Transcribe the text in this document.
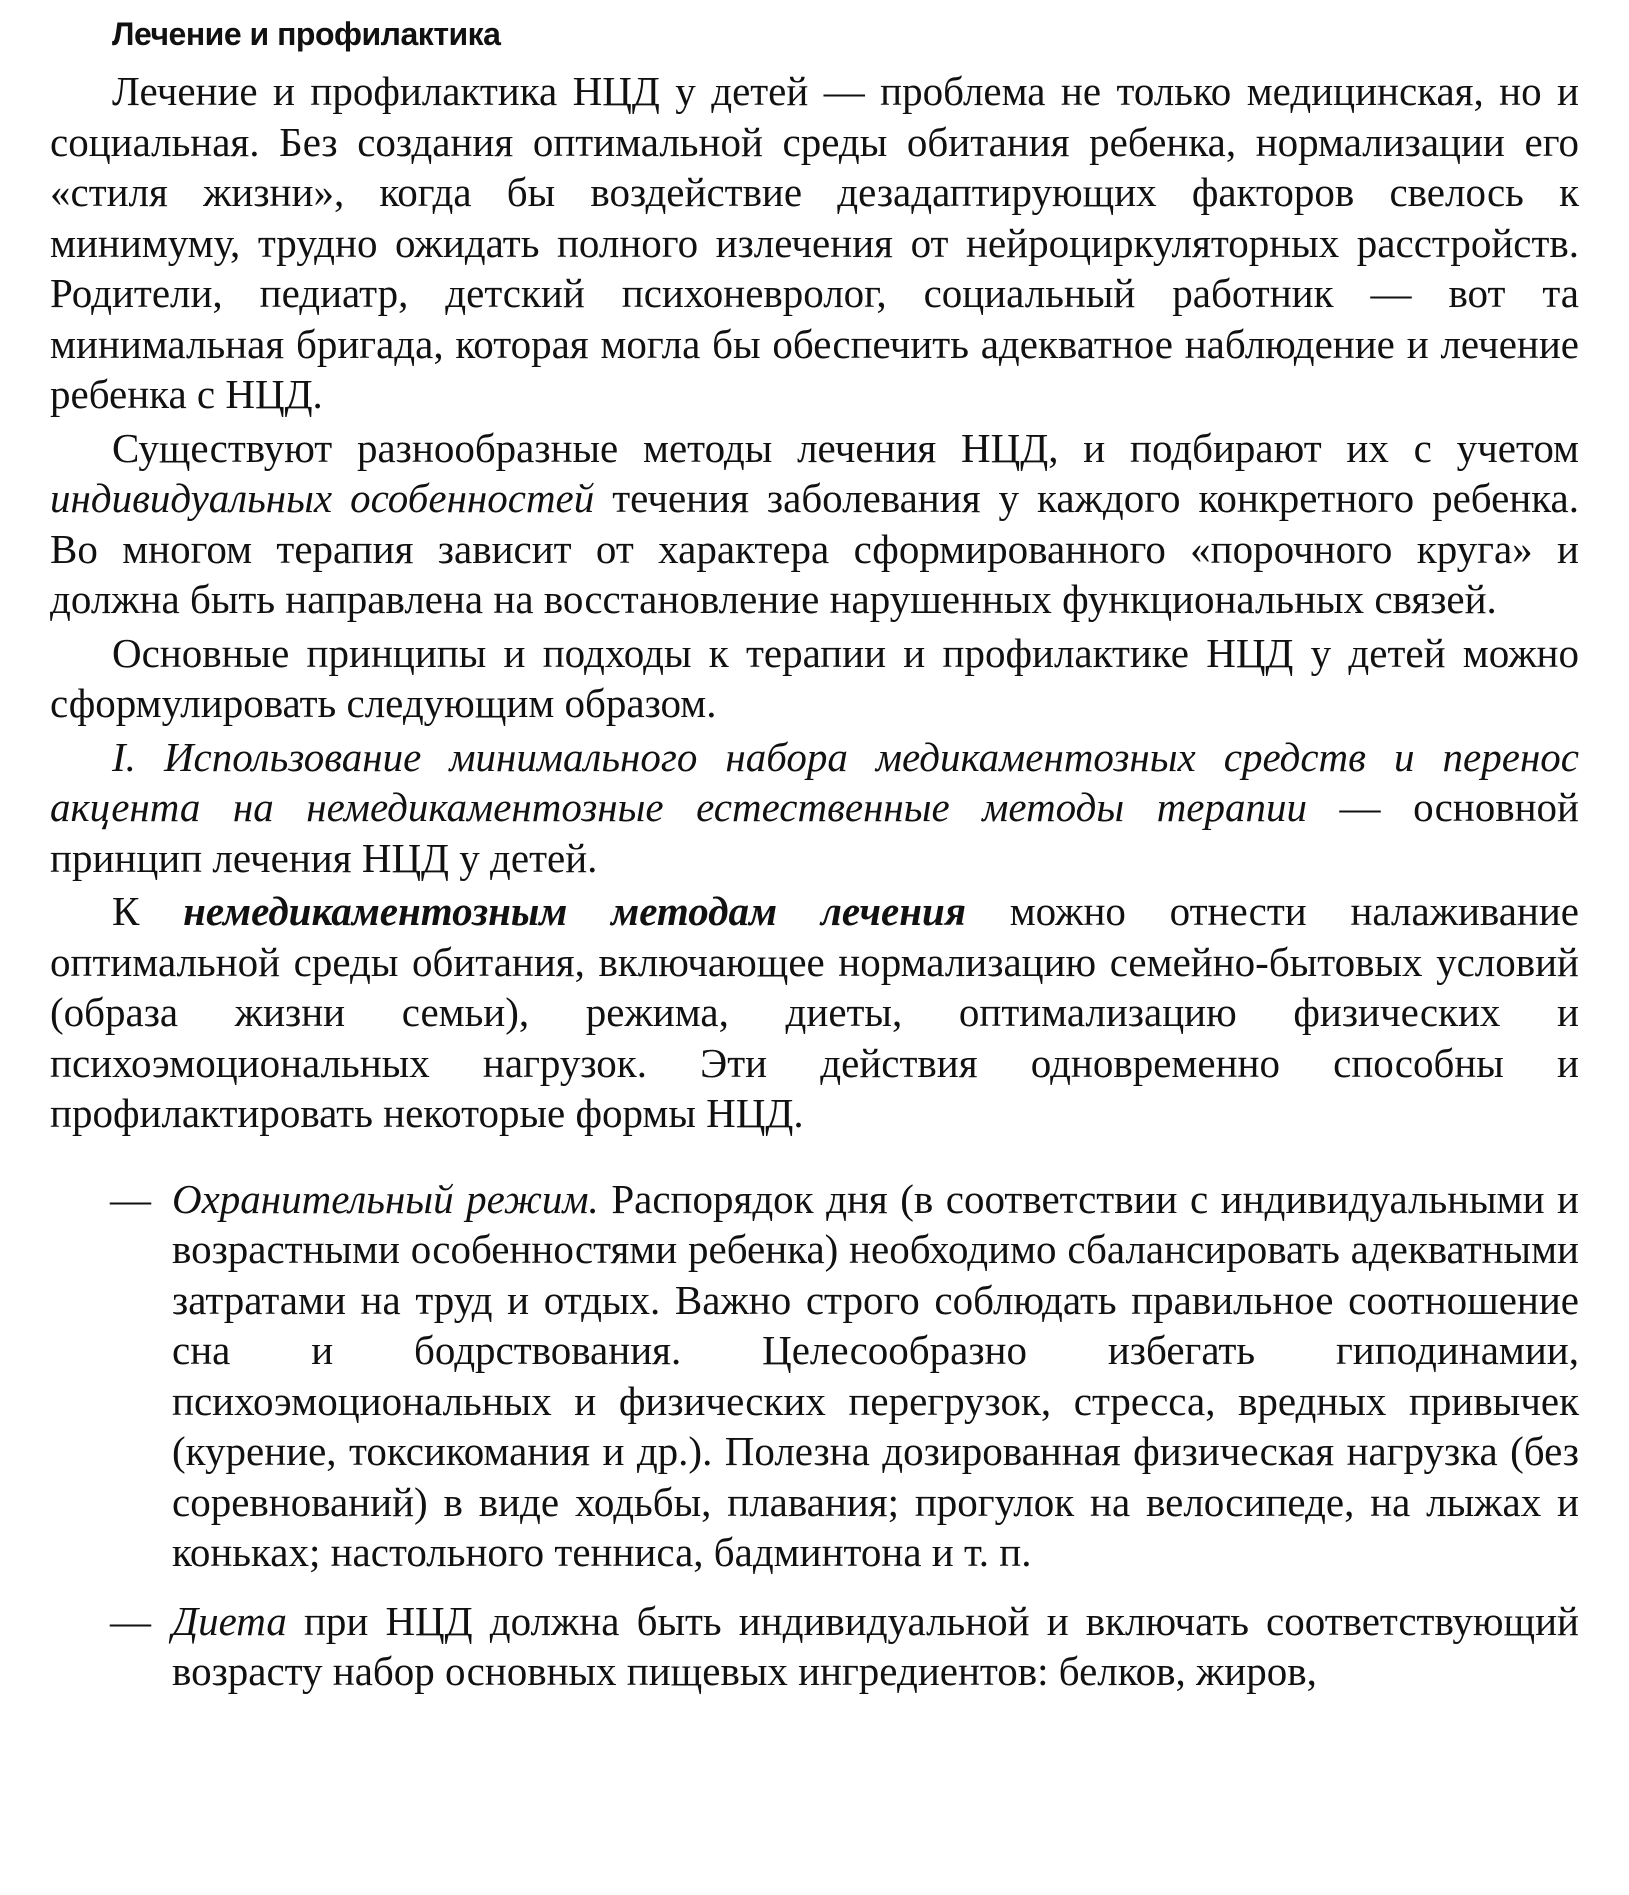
Лечение и профилактика

Лечение и профилактика НЦД у детей — проблема не только медицинская, но и социальная. Без создания оптимальной среды обитания ребенка, нормализации его «стиля жизни», когда бы воздействие дезадаптирующих факторов свелось к минимуму, трудно ожидать полного излечения от нейроциркуляторных расстройств. Родители, педиатр, детский психоневролог, социальный работник — вот та минимальная бригада, которая могла бы обеспечить адекватное наблюдение и лечение ребенка с НЦД.

Существуют разнообразные методы лечения НЦД, и подбирают их с учетом индивидуальных особенностей течения заболевания у каждого конкретного ребенка. Во многом терапия зависит от характера сформированного «порочного круга» и должна быть направлена на восстановление нарушенных функциональных связей.

Основные принципы и подходы к терапии и профилактике НЦД у детей можно сформулировать следующим образом.

I. Использование минимального набора медикаментозных средств и перенос акцента на немедикаментозные естественные методы терапии — основной принцип лечения НЦД у детей.

К немедикаментозным методам лечения можно отнести налаживание оптимальной среды обитания, включающее нормализацию семейно-бытовых условий (образа жизни семьи), режима, диеты, оптимализацию физических и психоэмоциональных нагрузок. Эти действия одновременно способны и профилактировать некоторые формы НЦД.

— Охранительный режим. Распорядок дня (в соответствии с индивидуальными и возрастными особенностями ребенка) необходимо сбалансировать адекватными затратами на труд и отдых. Важно строго соблюдать правильное соотношение сна и бодрствования. Целесообразно избегать гиподинамии, психоэмоциональных и физических перегрузок, стресса, вредных привычек (курение, токсикомания и др.). Полезна дозированная физическая нагрузка (без соревнований) в виде ходьбы, плавания; прогулок на велосипеде, на лыжах и коньках; настольного тенниса, бадминтона и т. п.
— Диета при НЦД должна быть индивидуальной и включать соответствующий возрасту набор основных пищевых ингредиентов: белков, жиров,
